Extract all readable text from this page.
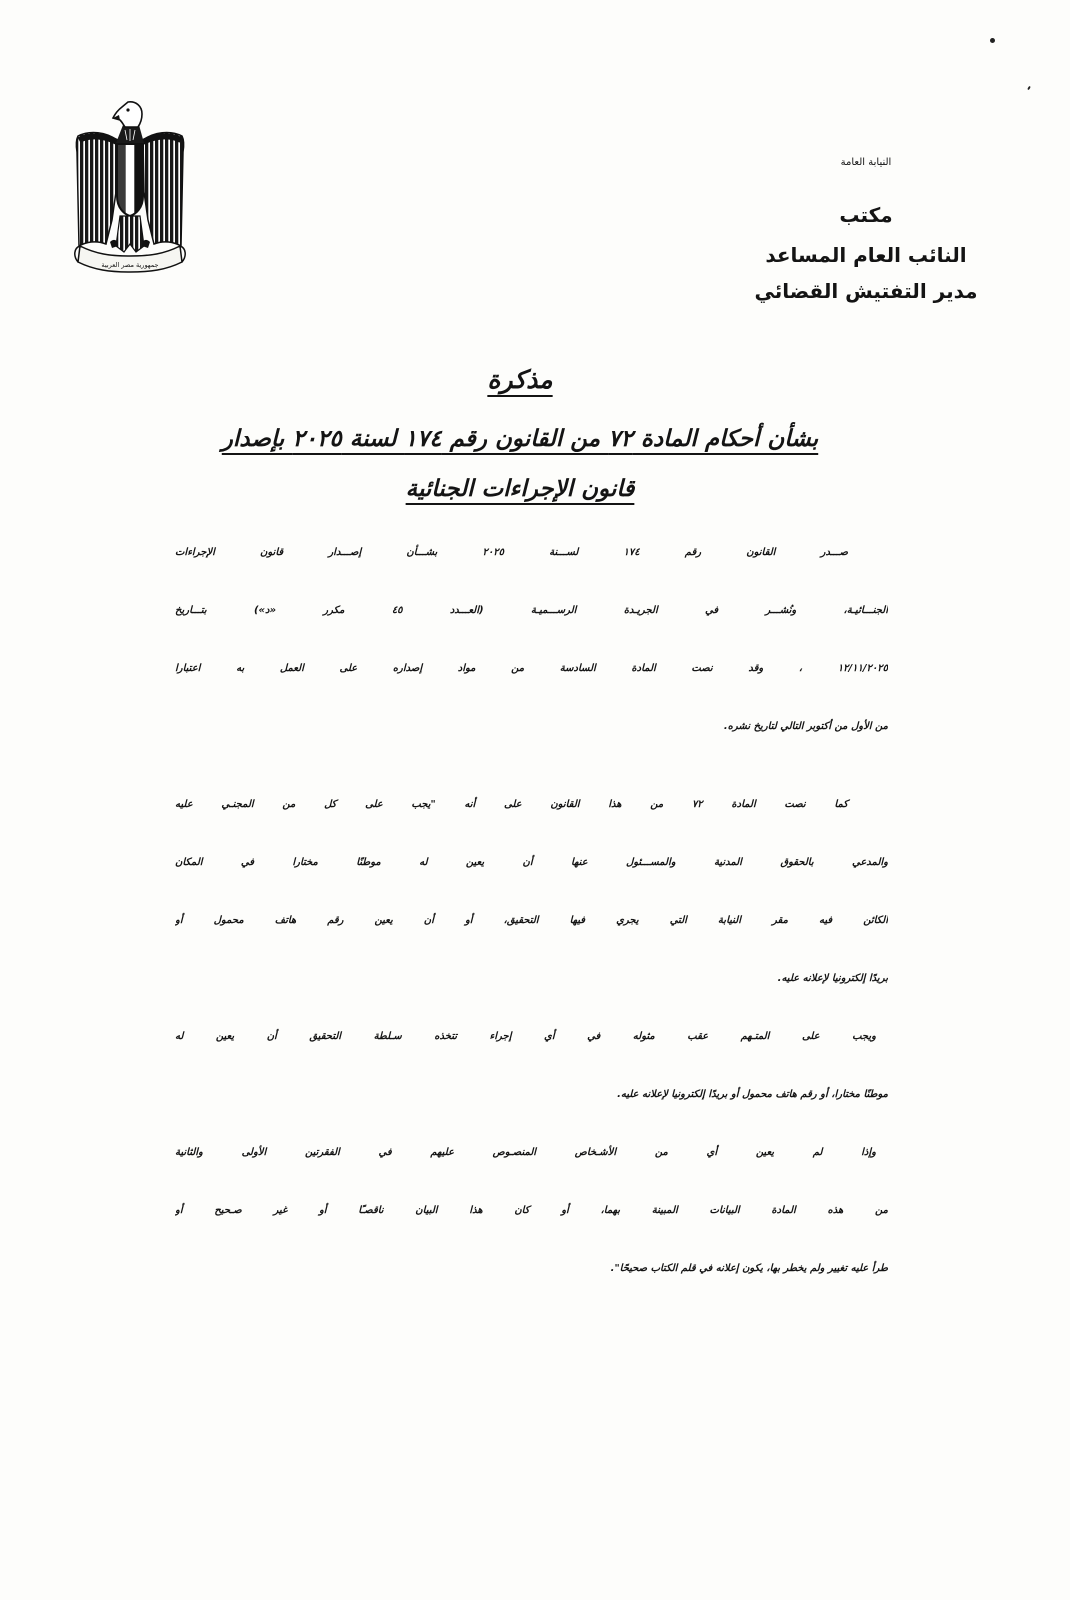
جمهورية مصر العربية
النيابة العامة
مكتب
النائب العام المساعد
مدير التفتيش القضائي
مذكرة
بشأن أحكام المادة ٧٢ من القانون رقم ١٧٤ لسنة ٢٠٢٥ بإصدار
قانون الإجراءات الجنائية
صـــدر القانون رقم ١٧٤ لســـنة ٢٠٢٥ بشـــأن إصـــدار قانون الإجراءات
الجنـــائيـة، ونُشـــر في الجريـدة الرســـميـة (العـــدد ٤٥ مكرر «د») بتـــاريخ
١٢/١١/٢٠٢٥ ، وقد نصت المادة السادسة من مواد إصداره على العمل به اعتبارا
من الأول من أكتوبر التالي لتاريخ نشره.
كما نصت المادة ٧٢ من هذا القانون على أنه "يجب على كل من المجنـي عليه
والمدعي بالحقوق المدنية والمســـئول عنها أن يعين له موطنًا مختارا في المكان
الكائن فيه مقر النيابة التي يجري فيها التحقيق، أو أن يعين رقم هاتف محمول أو
بريدًا إلكترونيا لإعلانه عليه.
ويجب على المتـهم عقب مثوله في أي إجراء تتخذه سـلطة التحقيق أن يعين له
موطنًا مختارا، أو رقم هاتف محمول أو بريدًا إلكترونيا لإعلانه عليه.
وإذا لم يعين أي من الأشـخاص المنصـوص عليهم في الفقرتين الأولى والثانية
من هذه المادة البيانات المبينة بهما، أو كان هذا البيان ناقصـًا أو غير صـحيح أو
طرأ عليه تغيير ولم يخطر بها، يكون إعلانه في قلم الكتاب صحيحًا".
